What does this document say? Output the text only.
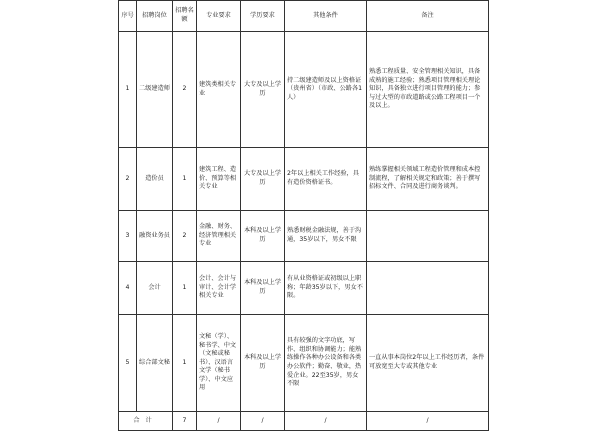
序号	招聘岗位	招聘名额	专业要求	学历要求	其他条件	备注
1	二级建造师	2	建筑类相关专业	大专及以上学历	持二级建造师及以上资格证（贵州省）（市政、公路各1人）	熟悉工程质量、安全管理相关知识，具备成熟的施工经验；熟悉项目管理相关理论知识，具备独立进行项目管理的能力；参与过大型的市政道路或公路工程项目一个及以上。
2	造价员	1	建筑工程、造价、预算等相关专业	大专及以上学历	2年以上相关工作经验，具有造价资格证书。	熟练掌握相关领域工程造价管理和成本控制流程，了解相关规定和政策；善于撰写招标文件、合同及进行商务谈判。
3	融资业务员	2	金融、财务、经济管理相关专业	本科及以上学历	熟悉财税金融法规，善于沟通，35岁以下，男女不限	
4	会计	1	会计、会计与审计、会计学相关专业	本科及以上学历	有从业资格证或初级以上职称；年龄35岁以下，男女不限。	
5	综合部文秘	1	文秘（学）、秘书学、中文（文秘或秘书）、汉语言文学（秘书学）、中文应用	本科及以上学历	具有较强的文字功底，写作、组织和协调能力；能熟练操作各种办公设备和各类办公软件；勤奋、敬业，热爱企业。22至35岁，男女不限	一直从事本岗位2年以上工作经历者，条件可放宽至大专或其他专业
合计		7	/	/	/	/
